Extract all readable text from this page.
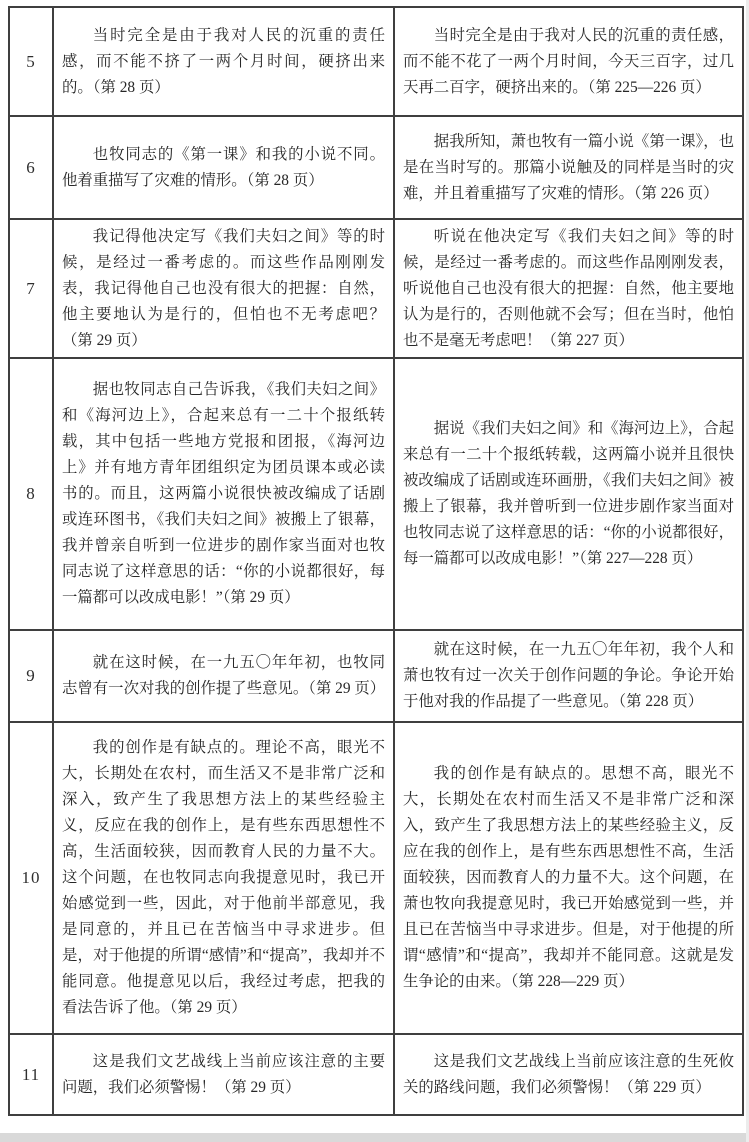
5	当时完全是由于我对人民的沉重的责任感，而不能不挤了一两个月时间，硬挤出来的。（第 28 页）	当时完全是由于我对人民的沉重的责任感，而不能不花了一两个月时间，今天三百字，过几天再二百字，硬挤出来的。（第 225—226 页）

6	也牧同志的《第一课》和我的小说不同。他着重描写了灾难的情形。（第 28 页）	据我所知，萧也牧有一篇小说《第一课》，也是在当时写的。那篇小说触及的同样是当时的灾难，并且着重描写了灾难的情形。（第 226 页）

7	我记得他决定写《我们夫妇之间》等的时候，是经过一番考虑的。而这些作品刚刚发表，我记得他自己也没有很大的把握：自然，他主要地认为是行的，但怕也不无考虑吧？（第 29 页）	听说在他决定写《我们夫妇之间》等的时候，是经过一番考虑的。而这些作品刚刚发表，听说他自己也没有很大的把握：自然，他主要地认为是行的，否则他就不会写；但在当时，他怕也不是毫无考虑吧！（第 227 页）

8	据也牧同志自己告诉我，《我们夫妇之间》和《海河边上》，合起来总有一二十个报纸转载，其中包括一些地方党报和团报，《海河边上》并有地方青年团组织定为团员课本或必读书的。而且，这两篇小说很快被改编成了话剧或连环图书，《我们夫妇之间》被搬上了银幕，我并曾亲自听到一位进步的剧作家当面对也牧同志说了这样意思的话：“你的小说都很好，每一篇都可以改成电影！”（第 29 页）	据说《我们夫妇之间》和《海河边上》，合起来总有一二十个报纸转载，这两篇小说并且很快被改编成了话剧或连环画册，《我们夫妇之间》被搬上了银幕，我并曾听到一位进步剧作家当面对也牧同志说了这样意思的话：“你的小说都很好，每一篇都可以改成电影！”（第 227—228 页）

9	就在这时候，在一九五〇年年初，也牧同志曾有一次对我的创作提了些意见。（第 29 页）	就在这时候，在一九五〇年年初，我个人和萧也牧有过一次关于创作问题的争论。争论开始于他对我的作品提了一些意见。（第 228 页）

10	我的创作是有缺点的。理论不高，眼光不大，长期处在农村，而生活又不是非常广泛和深入，致产生了我思想方法上的某些经验主义，反应在我的创作上，是有些东西思想性不高，生活面较狭，因而教育人民的力量不大。这个问题，在也牧同志向我提意见时，我已开始感觉到一些，因此，对于他前半部意见，我是同意的，并且已在苦恼当中寻求进步。但是，对于他提的所谓“感情”和“提高”，我却并不能同意。他提意见以后，我经过考虑，把我的看法告诉了他。（第 29 页）	我的创作是有缺点的。思想不高，眼光不大，长期处在农村而生活又不是非常广泛和深入，致产生了我思想方法上的某些经验主义，反应在我的创作上，是有些东西思想性不高，生活面较狭，因而教育人的力量不大。这个问题，在萧也牧向我提意见时，我已开始感觉到一些，并且已在苦恼当中寻求进步。但是，对于他提的所谓“感情”和“提高”，我却并不能同意。这就是发生争论的由来。（第 228—229 页）

11	这是我们文艺战线上当前应该注意的主要问题，我们必须警惕！（第 29 页）	这是我们文艺战线上当前应该注意的生死攸关的路线问题，我们必须警惕！（第 229 页）
